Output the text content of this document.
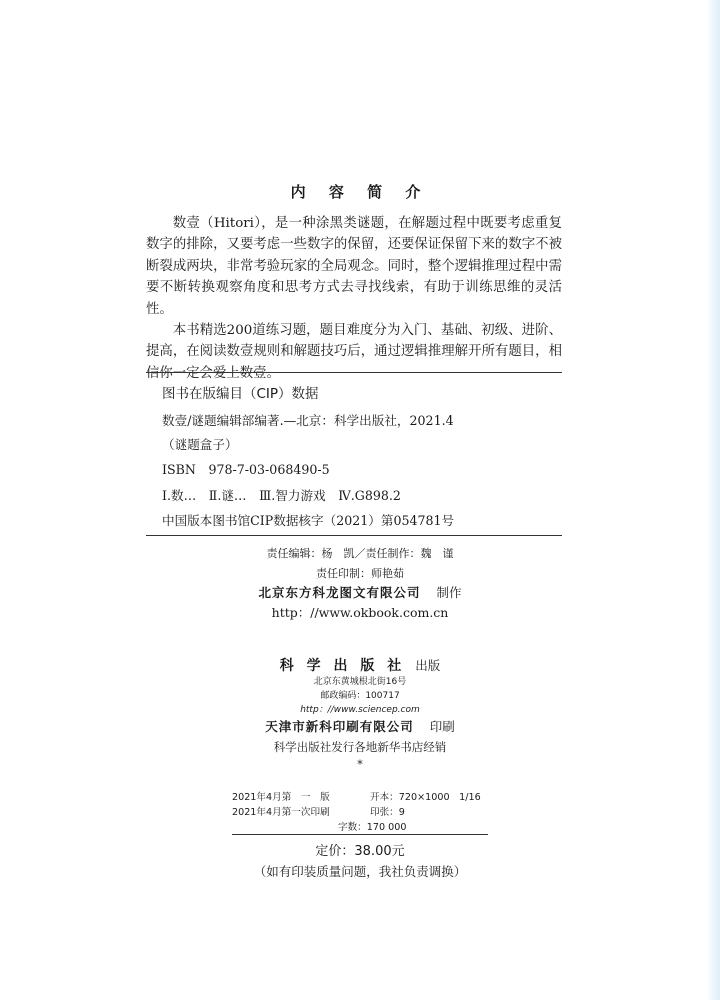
内 容 简 介

数壹（Hitori），是一种涂黑类谜题，在解题过程中既要考虑重复数字的排除，又要考虑一些数字的保留，还要保证保留下来的数字不被断裂成两块，非常考验玩家的全局观念。同时，整个逻辑推理过程中需要不断转换观察角度和思考方式去寻找线索，有助于训练思维的灵活性。

本书精选200道练习题，题目难度分为入门、基础、初级、进阶、提高，在阅读数壹规则和解题技巧后，通过逻辑推理解开所有题目，相信你一定会爱上数壹。

图书在版编目（CIP）数据
数壹/谜题编辑部编著.—北京：科学出版社，2021.4
（谜题盒子）
ISBN　978-7-03-068490-5
Ⅰ.数…　Ⅱ.谜…　Ⅲ.智力游戏　Ⅳ.G898.2
中国版本图书馆CIP数据核字（2021）第054781号
责任编辑：杨　凯／责任制作：魏　谨
责任印制：师艳茹
北京东方科龙图文有限公司 制作
http：//www.okbook.com.cn
科 学 出 版 社 出版
北京东黄城根北街16号
邮政编码：100717
http：//www.sciencep.com
天津市新科印刷有限公司 印刷
科学出版社发行各地新华书店经销
*
2021年4月第　一　版	开本：720×1000　1/16
2021年4月第一次印刷	印张：9
字数：170 000
定价：38.00元
（如有印装质量问题，我社负责调换）
